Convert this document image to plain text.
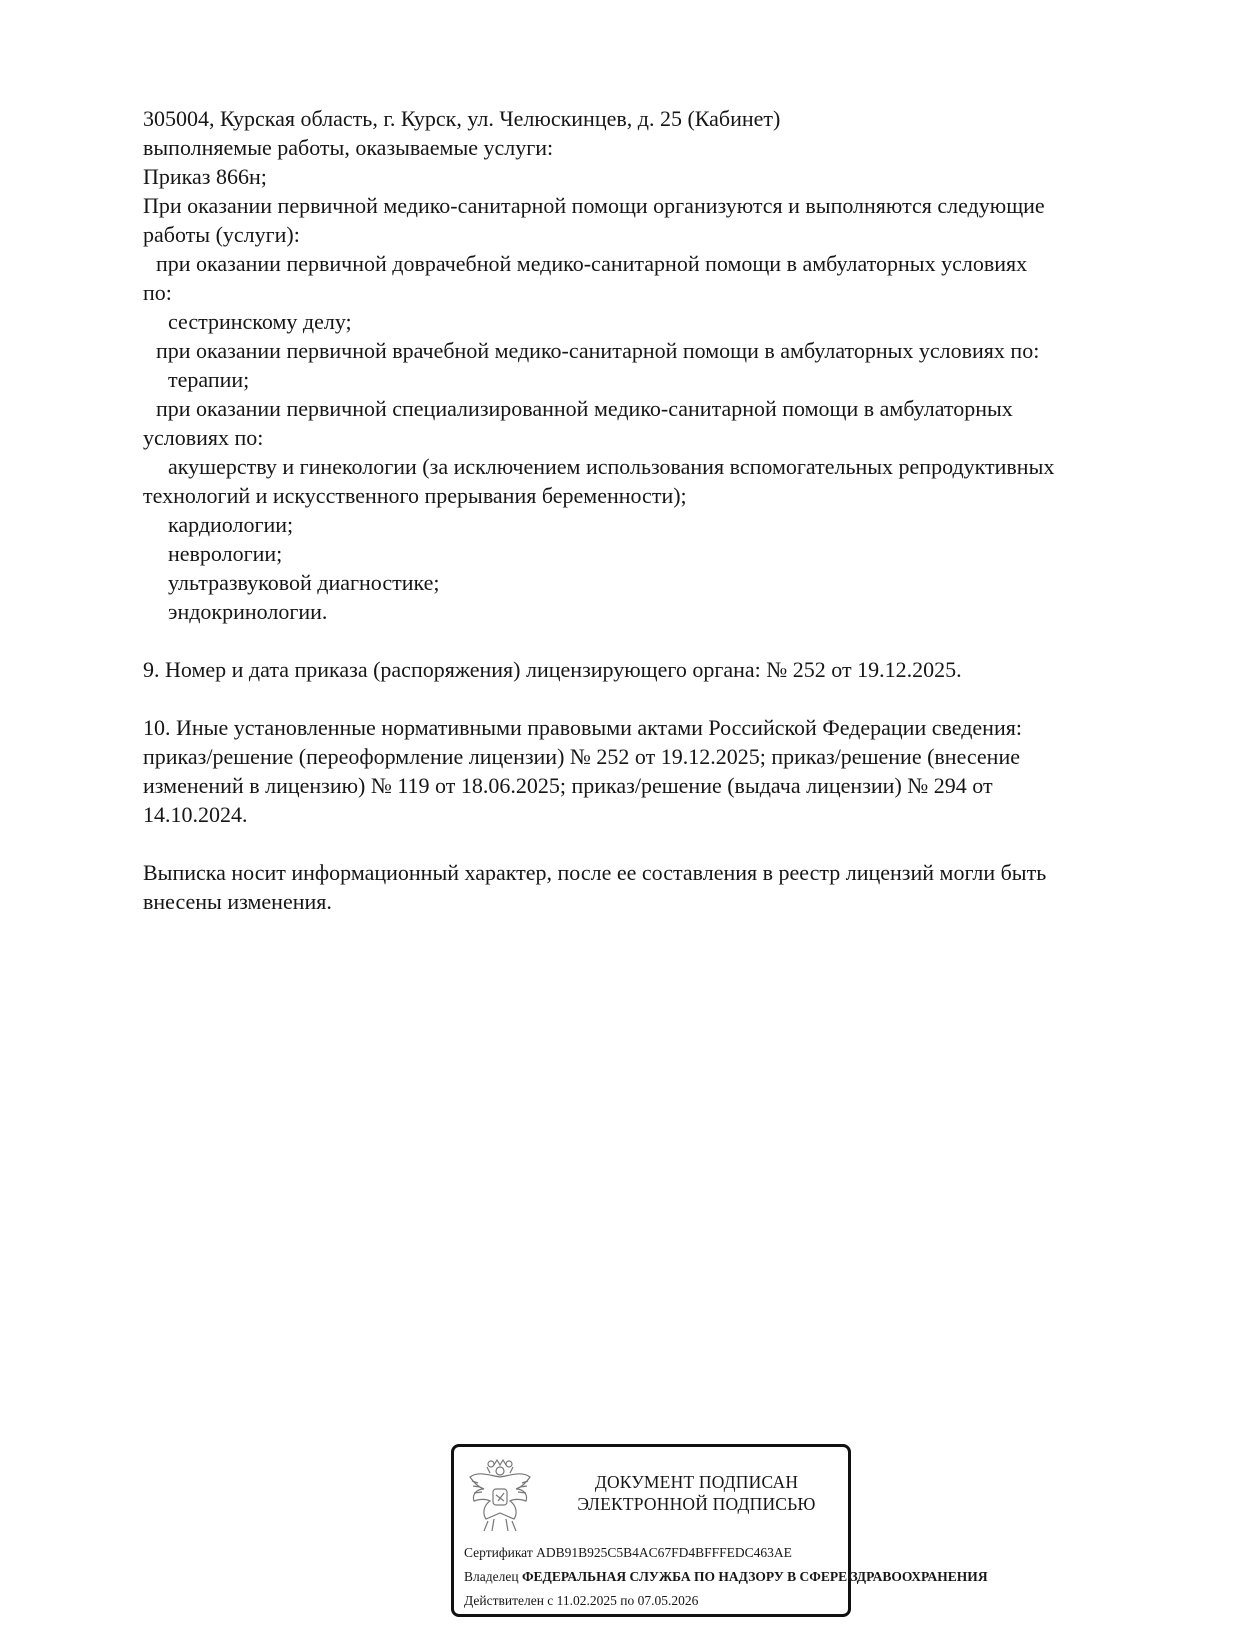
305004, Курская область, г. Курск, ул. Челюскинцев, д. 25 (Кабинет)
выполняемые работы, оказываемые услуги:
Приказ 866н;
При оказании первичной медико-санитарной помощи организуются и выполняются следующие
работы (услуги):
при оказании первичной доврачебной медико-санитарной помощи в амбулаторных условиях
по:
сестринскому делу;
при оказании первичной врачебной медико-санитарной помощи в амбулаторных условиях по:
терапии;
при оказании первичной специализированной медико-санитарной помощи в амбулаторных
условиях по:
акушерству и гинекологии (за исключением использования вспомогательных репродуктивных
технологий и искусственного прерывания беременности);
кардиологии;
неврологии;
ультразвуковой диагностике;
эндокринологии.
9. Номер и дата приказа (распоряжения) лицензирующего органа: № 252 от 19.12.2025.
10. Иные установленные нормативными правовыми актами Российской Федерации сведения:
приказ/решение (переоформление лицензии) № 252 от 19.12.2025; приказ/решение (внесение
изменений в лицензию) № 119 от 18.06.2025; приказ/решение (выдача лицензии) № 294 от
14.10.2024.
Выписка носит информационный характер, после ее составления в реестр лицензий могли быть
внесены изменения.
ДОКУМЕНТ ПОДПИСАН
ЭЛЕКТРОННОЙ ПОДПИСЬЮ
Сертификат ADB91B925C5B4AC67FD4BFFFEDC463AE
Владелец ФЕДЕРАЛЬНАЯ СЛУЖБА ПО НАДЗОРУ В СФЕРЕ ЗДРАВООХРАНЕНИЯ
Действителен с 11.02.2025 по 07.05.2026
